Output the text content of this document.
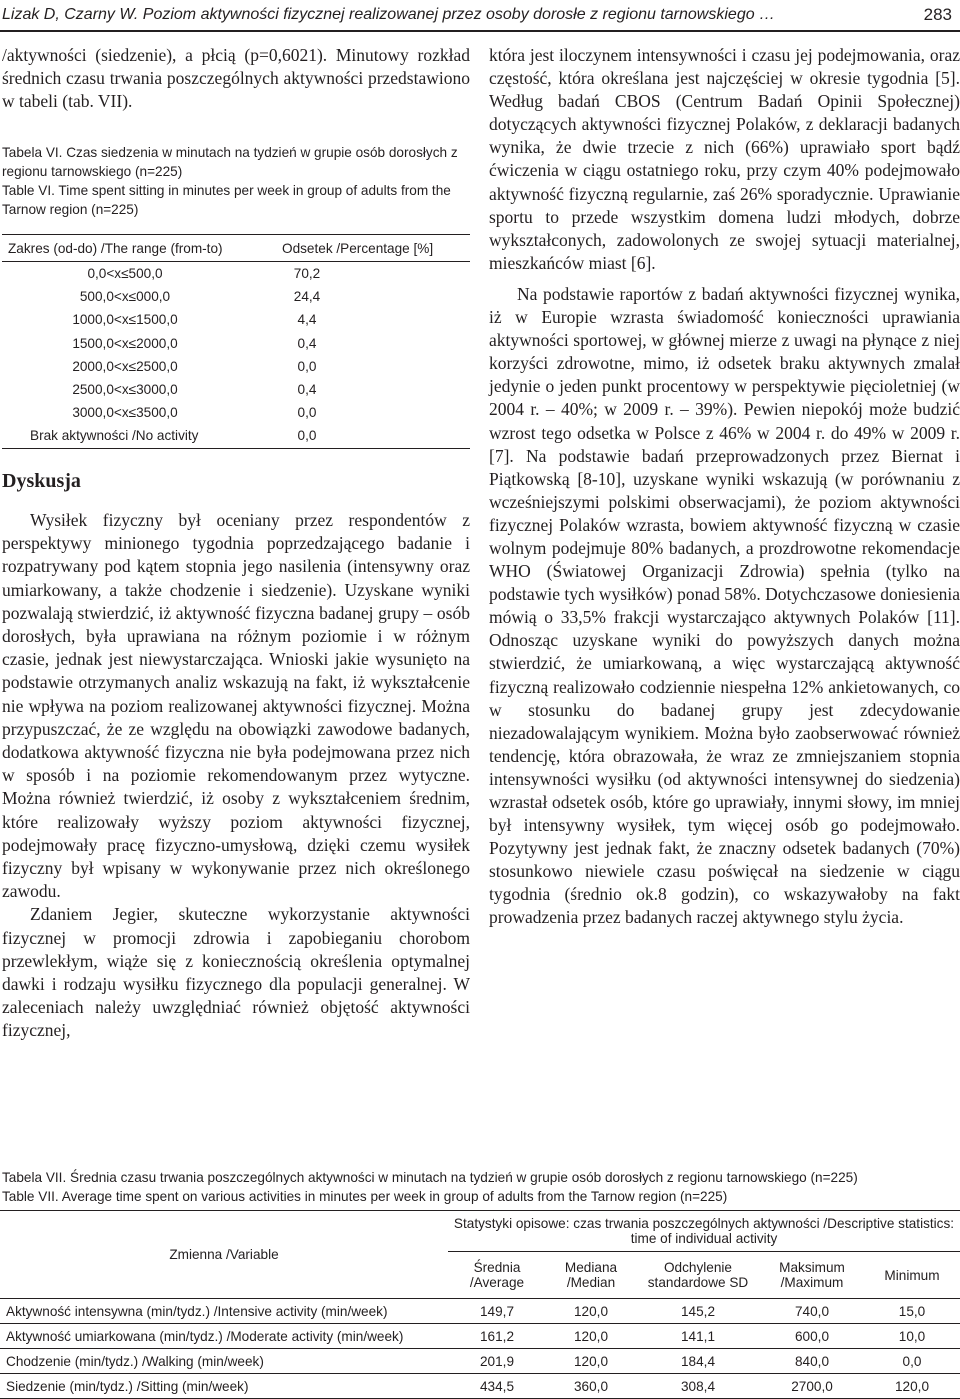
Lizak D, Czarny W. Poziom aktywności fizycznej realizowanej przez osoby dorosłe z regionu tarnowskiego …	283

/aktywności (siedzenie), a płcią (p=0,6021). Minutowy rozkład średnich czasu trwania poszczególnych aktywności przedstawiono w tabeli (tab. VII).

Tabela VI. Czas siedzenia w minutach na tydzień w grupie osób dorosłych z regionu tarnowskiego (n=225)
Table VI. Time spent sitting in minutes per week in group of adults from the Tarnow region (n=225)
Zakres (od-do) /The range (from-to)	Odsetek /Percentage [%]
0,0<x≤500,0	70,2
500,0<x≤000,0	24,4
1000,0<x≤1500,0	4,4
1500,0<x≤2000,0	0,4
2000,0<x≤2500,0	0,0
2500,0<x≤3000,0	0,4
3000,0<x≤3500,0	0,0
Brak aktywności /No activity	0,0
Dyskusja

Wysiłek fizyczny był oceniany przez respondentów z perspektywy minionego tygodnia poprzedzającego badanie i rozpatrywany pod kątem stopnia jego nasilenia (intensywny oraz umiarkowany, a także chodzenie i siedzenie). Uzyskane wyniki pozwalają stwierdzić, iż aktywność fizyczna badanej grupy – osób dorosłych, była uprawiana na różnym poziomie i w różnym czasie, jednak jest niewystarczająca. Wnioski jakie wysunięto na podstawie otrzymanych analiz wskazują na fakt, iż wykształcenie nie wpływa na poziom realizowanej aktywności fizycznej. Można przypuszczać, że ze względu na obowiązki zawodowe badanych, dodatkowa aktywność fizyczna nie była podejmowana przez nich w sposób i na poziomie rekomendowanym przez wytyczne. Można również twierdzić, iż osoby z wykształceniem średnim, które realizowały wyższy poziom aktywności fizycznej, podejmowały pracę fizyczno-umysłową, dzięki czemu wysiłek fizyczny był wpisany w wykonywanie przez nich określonego zawodu.

Zdaniem Jegier, skuteczne wykorzystanie aktywności fizycznej w promocji zdrowia i zapobieganiu chorobom przewlekłym, wiąże się z koniecznością określenia optymalnej dawki i rodzaju wysiłku fizycznego dla populacji generalnej. W zaleceniach należy uwzględniać również objętość aktywności fizycznej,

która jest iloczynem intensywności i czasu jej podejmowania, oraz częstość, która określana jest najczęściej w okresie tygodnia [5]. Według badań CBOS (Centrum Badań Opinii Społecznej) dotyczących aktywności fizycznej Polaków, z deklaracji badanych wynika, że dwie trzecie z nich (66%) uprawiało sport bądź ćwiczenia w ciągu ostatniego roku, przy czym 40% podejmowało aktywność fizyczną regularnie, zaś 26% sporadycznie. Uprawianie sportu to przede wszystkim domena ludzi młodych, dobrze wykształconych, zadowolonych ze swojej sytuacji materialnej, mieszkańców miast [6].

Na podstawie raportów z badań aktywności fizycznej wynika, iż w Europie wzrasta świadomość konieczności uprawiania aktywności sportowej, w głównej mierze z uwagi na płynące z niej korzyści zdrowotne, mimo, iż odsetek braku aktywnych zmalał jedynie o jeden punkt procentowy w perspektywie pięcioletniej (w 2004 r. – 40%; w 2009 r. – 39%). Pewien niepokój może budzić wzrost tego odsetka w Polsce z 46% w 2004 r. do 49% w 2009 r. [7]. Na podstawie badań przeprowadzonych przez Biernat i Piątkowską [8-10], uzyskane wyniki wskazują (w porównaniu z wcześniejszymi polskimi obserwacjami), że poziom aktywności fizycznej Polaków wzrasta, bowiem aktywność fizyczną w czasie wolnym podejmuje 80% badanych, a prozdrowotne rekomendacje WHO (Światowej Organizacji Zdrowia) spełnia (tylko na podstawie tych wysiłków) ponad 58%. Dotychczasowe doniesienia mówią o 33,5% frakcji wystarczająco aktywnych Polaków [11]. Odnosząc uzyskane wyniki do powyższych danych można stwierdzić, że umiarkowaną, a więc wystarczającą aktywność fizyczną realizowało codziennie niespełna 12% ankietowanych, co w stosunku do badanej grupy jest zdecydowanie niezadowalającym wynikiem. Można było zaobserwować również tendencję, która obrazowała, że wraz ze zmniejszaniem stopnia intensywności wysiłku (od aktywności intensywnej do siedzenia) wzrastał odsetek osób, które go uprawiały, innymi słowy, im mniej był intensywny wysiłek, tym więcej osób go podejmowało. Pozytywny jest jednak fakt, że znaczny odsetek badanych (70%) stosunkowo niewiele czasu poświęcał na siedzenie w ciągu tygodnia (średnio ok.8 godzin), co wskazywałoby na fakt prowadzenia przez badanych raczej aktywnego stylu życia.

Tabela VII. Średnia czasu trwania poszczególnych aktywności w minutach na tydzień w grupie osób dorosłych z regionu tarnowskiego (n=225)
Table VII. Average time spent on various activities in minutes per week in group of adults from the Tarnow region (n=225)
Zmienna /Variable	Statystyki opisowe: czas trwania poszczególnych aktywności /Descriptive statistics: time of individual activity				
	Średnia /Average	Mediana /Median	Odchylenie standardowe SD	Maksimum /Maximum	Minimum
Aktywność intensywna (min/tydz.) /Intensive activity (min/week)	149,7	120,0	145,2	740,0	15,0
Aktywność umiarkowana (min/tydz.) /Moderate activity (min/week)	161,2	120,0	141,1	600,0	10,0
Chodzenie (min/tydz.) /Walking (min/week)	201,9	120,0	184,4	840,0	0,0
Siedzenie (min/tydz.) /Sitting (min/week)	434,5	360,0	308,4	2700,0	120,0
